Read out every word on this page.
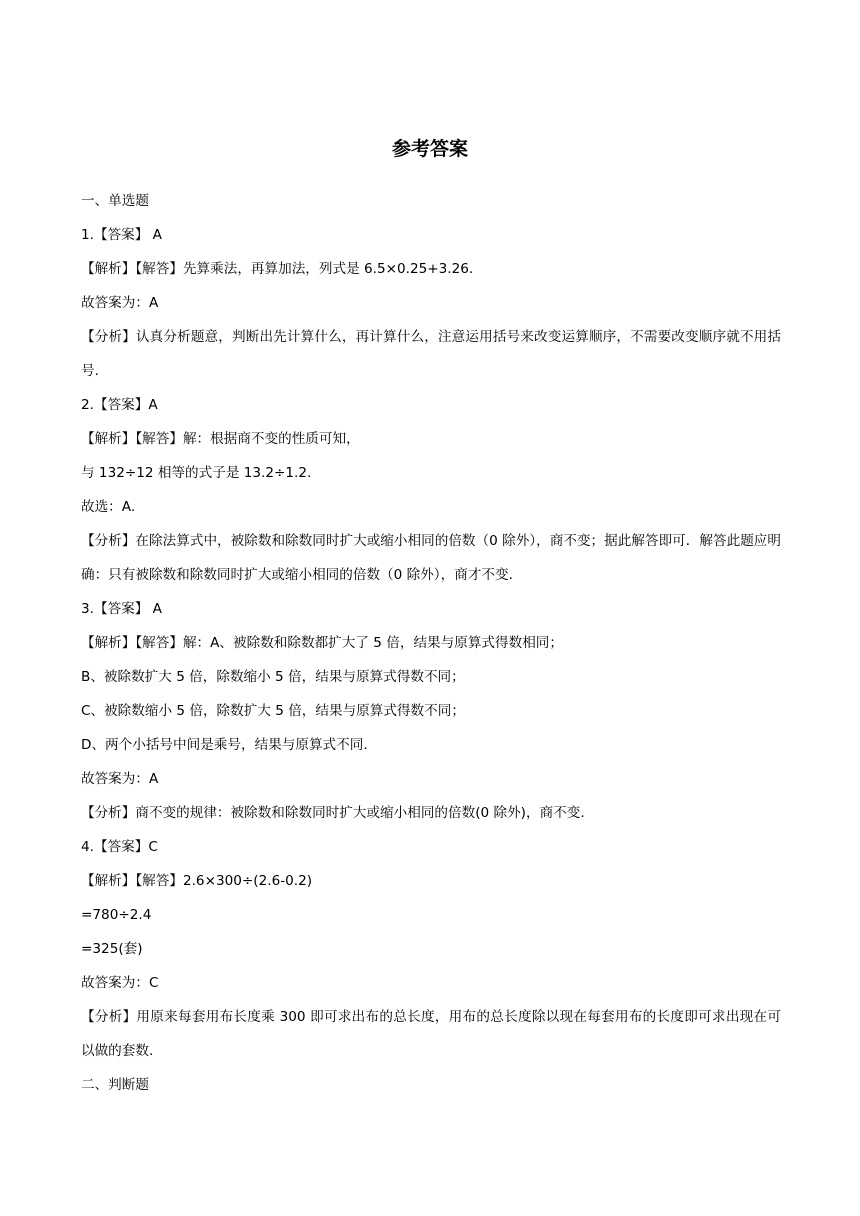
参考答案
一、单选题
1.【答案】 A
【解析】【解答】先算乘法，再算加法，列式是 6.5×0.25+3.26.
故答案为：A
【分析】认真分析题意，判断出先计算什么，再计算什么，注意运用括号来改变运算顺序，不需要改变顺序就不用括号.
2.【答案】A
【解析】【解答】解：根据商不变的性质可知，
与 132÷12 相等的式子是 13.2÷1.2.
故选：A.
【分析】在除法算式中，被除数和除数同时扩大或缩小相同的倍数（0 除外），商不变；据此解答即可．解答此题应明确：只有被除数和除数同时扩大或缩小相同的倍数（0 除外），商才不变.
3.【答案】 A
【解析】【解答】解：A、被除数和除数都扩大了 5 倍，结果与原算式得数相同；
B、被除数扩大 5 倍，除数缩小 5 倍，结果与原算式得数不同；
C、被除数缩小 5 倍，除数扩大 5 倍，结果与原算式得数不同；
D、两个小括号中间是乘号，结果与原算式不同.
故答案为：A
【分析】商不变的规律：被除数和除数同时扩大或缩小相同的倍数(0 除外)，商不变.
4.【答案】C
【解析】【解答】2.6×300÷(2.6-0.2)
=780÷2.4
=325(套)
故答案为：C
【分析】用原来每套用布长度乘 300 即可求出布的总长度，用布的总长度除以现在每套用布的长度即可求出现在可以做的套数.
二、判断题
